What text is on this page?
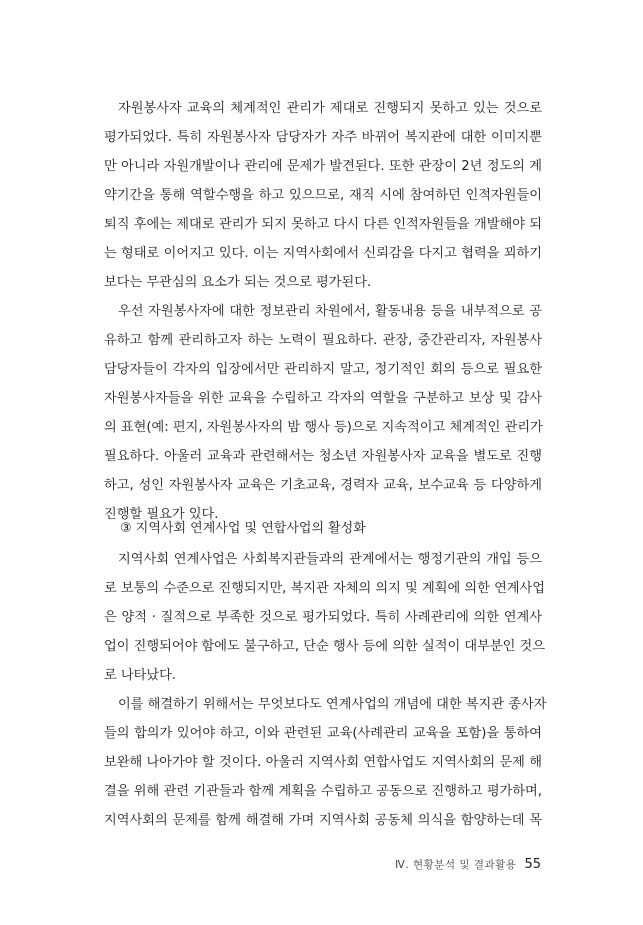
자원봉사자 교육의 체계적인 관리가 제대로 진행되지 못하고 있는 것으로
평가되었다. 특히 자원봉사자 담당자가 자주 바뀌어 복지관에 대한 이미지뿐
만 아니라 자원개발이나 관리에 문제가 발견된다. 또한 관장이 2년 정도의 계
약기간을 통해 역할수행을 하고 있으므로, 재직 시에 참여하던 인적자원들이
퇴직 후에는 제대로 관리가 되지 못하고 다시 다른 인적자원들을 개발해야 되
는 형태로 이어지고 있다. 이는 지역사회에서 신뢰감을 다지고 협력을 꾀하기
보다는 무관심의 요소가 되는 것으로 평가된다.
우선 자원봉사자에 대한 정보관리 차원에서, 활동내용 등을 내부적으로 공
유하고 함께 관리하고자 하는 노력이 필요하다. 관장, 중간관리자, 자원봉사
담당자들이 각자의 입장에서만 관리하지 말고, 정기적인 회의 등으로 필요한
자원봉사자들을 위한 교육을 수립하고 각자의 역할을 구분하고 보상 및 감사
의 표현(예: 편지, 자원봉사자의 밤 행사 등)으로 지속적이고 체계적인 관리가
필요하다. 아울러 교육과 관련해서는 청소년 자원봉사자 교육을 별도로 진행
하고, 성인 자원봉사자 교육은 기초교육, 경력자 교육, 보수교육 등 다양하게
진행할 필요가 있다.
③ 지역사회 연계사업 및 연합사업의 활성화
지역사회 연계사업은 사회복지관들과의 관계에서는 행정기관의 개입 등으
로 보통의 수준으로 진행되지만, 복지관 자체의 의지 및 계획에 의한 연계사업
은 양적 · 질적으로 부족한 것으로 평가되었다. 특히 사례관리에 의한 연계사
업이 진행되어야 함에도 불구하고, 단순 행사 등에 의한 실적이 대부분인 것으
로 나타났다.
이를 해결하기 위해서는 무엇보다도 연계사업의 개념에 대한 복지관 종사자
들의 합의가 있어야 하고, 이와 관련된 교육(사례관리 교육을 포함)을 통하여
보완해 나아가야 할 것이다. 아울러 지역사회 연합사업도 지역사회의 문제 해
결을 위해 관련 기관들과 함께 계획을 수립하고 공동으로 진행하고 평가하며,
지역사회의 문제를 함께 해결해 가며 지역사회 공동체 의식을 함양하는데 목
Ⅳ. 현황분석 및 결과활용 55
